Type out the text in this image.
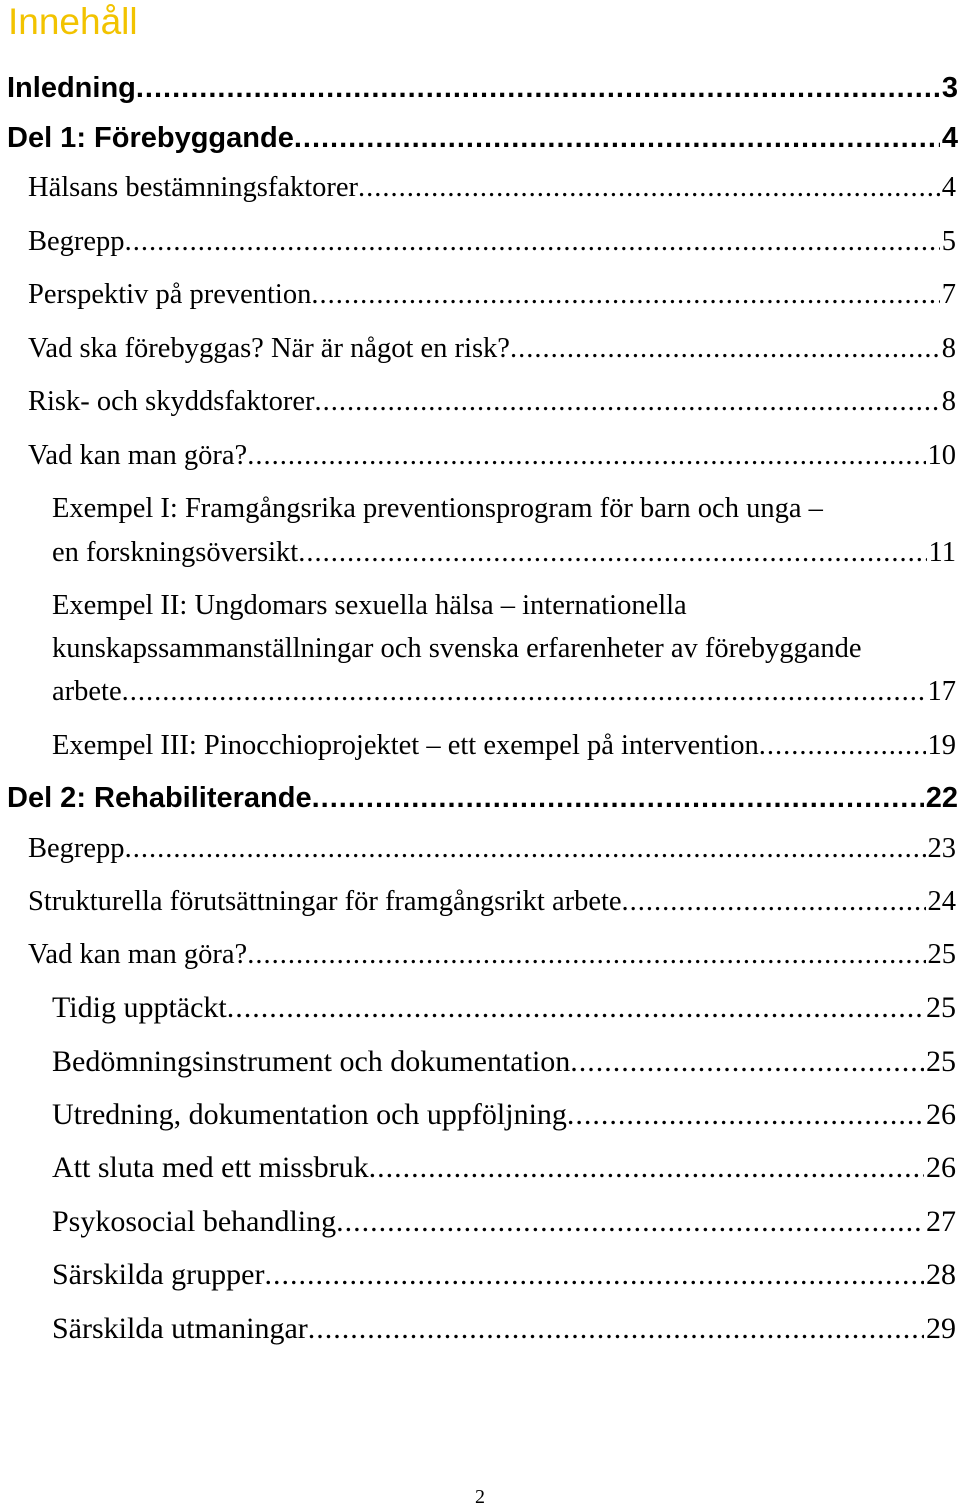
Innehåll
Inledning .....	3
Del 1: Förebyggande .....	4
Hälsans bestämningsfaktorer .....	4
Begrepp .....	5
Perspektiv på prevention .....	7
Vad ska förebyggas? När är något en risk? .....	8
Risk- och skyddsfaktorer .....	8
Vad kan man göra? .....	10
Exempel I: Framgångsrika preventionsprogram för barn och unga –
en forskningsöversikt .....	11
Exempel II: Ungdomars sexuella hälsa – internationella
kunskapssammanställningar och svenska erfarenheter av förebyggande
arbete .....	17
Exempel III: Pinocchioprojektet – ett exempel på intervention .....	19
Del 2: Rehabiliterande .....	22
Begrepp .....	23
Strukturella förutsättningar för framgångsrikt arbete .....	24
Vad kan man göra? .....	25
Tidig upptäckt .....	25
Bedömningsinstrument och dokumentation .....	25
Utredning, dokumentation och uppföljning .....	26
Att sluta med ett missbruk .....	26
Psykosocial behandling .....	27
Särskilda grupper .....	28
Särskilda utmaningar .....	29
2
